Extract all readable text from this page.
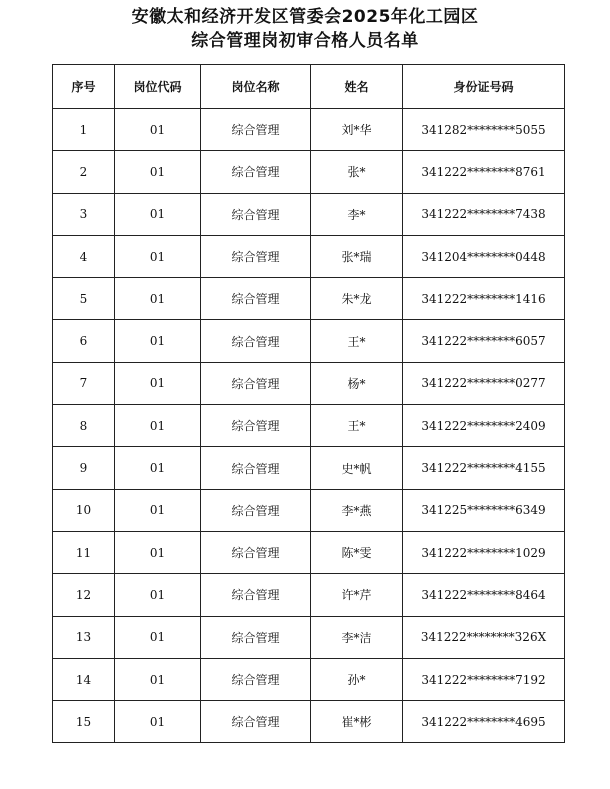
安徽太和经济开发区管委会2025年化工园区
综合管理岗初审合格人员名单
序号	岗位代码	岗位名称	姓名	身份证号码
1	01	综合管理	刘*华	341282********5055
2	01	综合管理	张*	341222********8761
3	01	综合管理	李*	341222********7438
4	01	综合管理	张*瑞	341204********0448
5	01	综合管理	朱*龙	341222********1416
6	01	综合管理	王*	341222********6057
7	01	综合管理	杨*	341222********0277
8	01	综合管理	王*	341222********2409
9	01	综合管理	史*帆	341222********4155
10	01	综合管理	李*燕	341225********6349
11	01	综合管理	陈*雯	341222********1029
12	01	综合管理	许*芹	341222********8464
13	01	综合管理	李*洁	341222********326X
14	01	综合管理	孙*	341222********7192
15	01	综合管理	崔*彬	341222********4695
